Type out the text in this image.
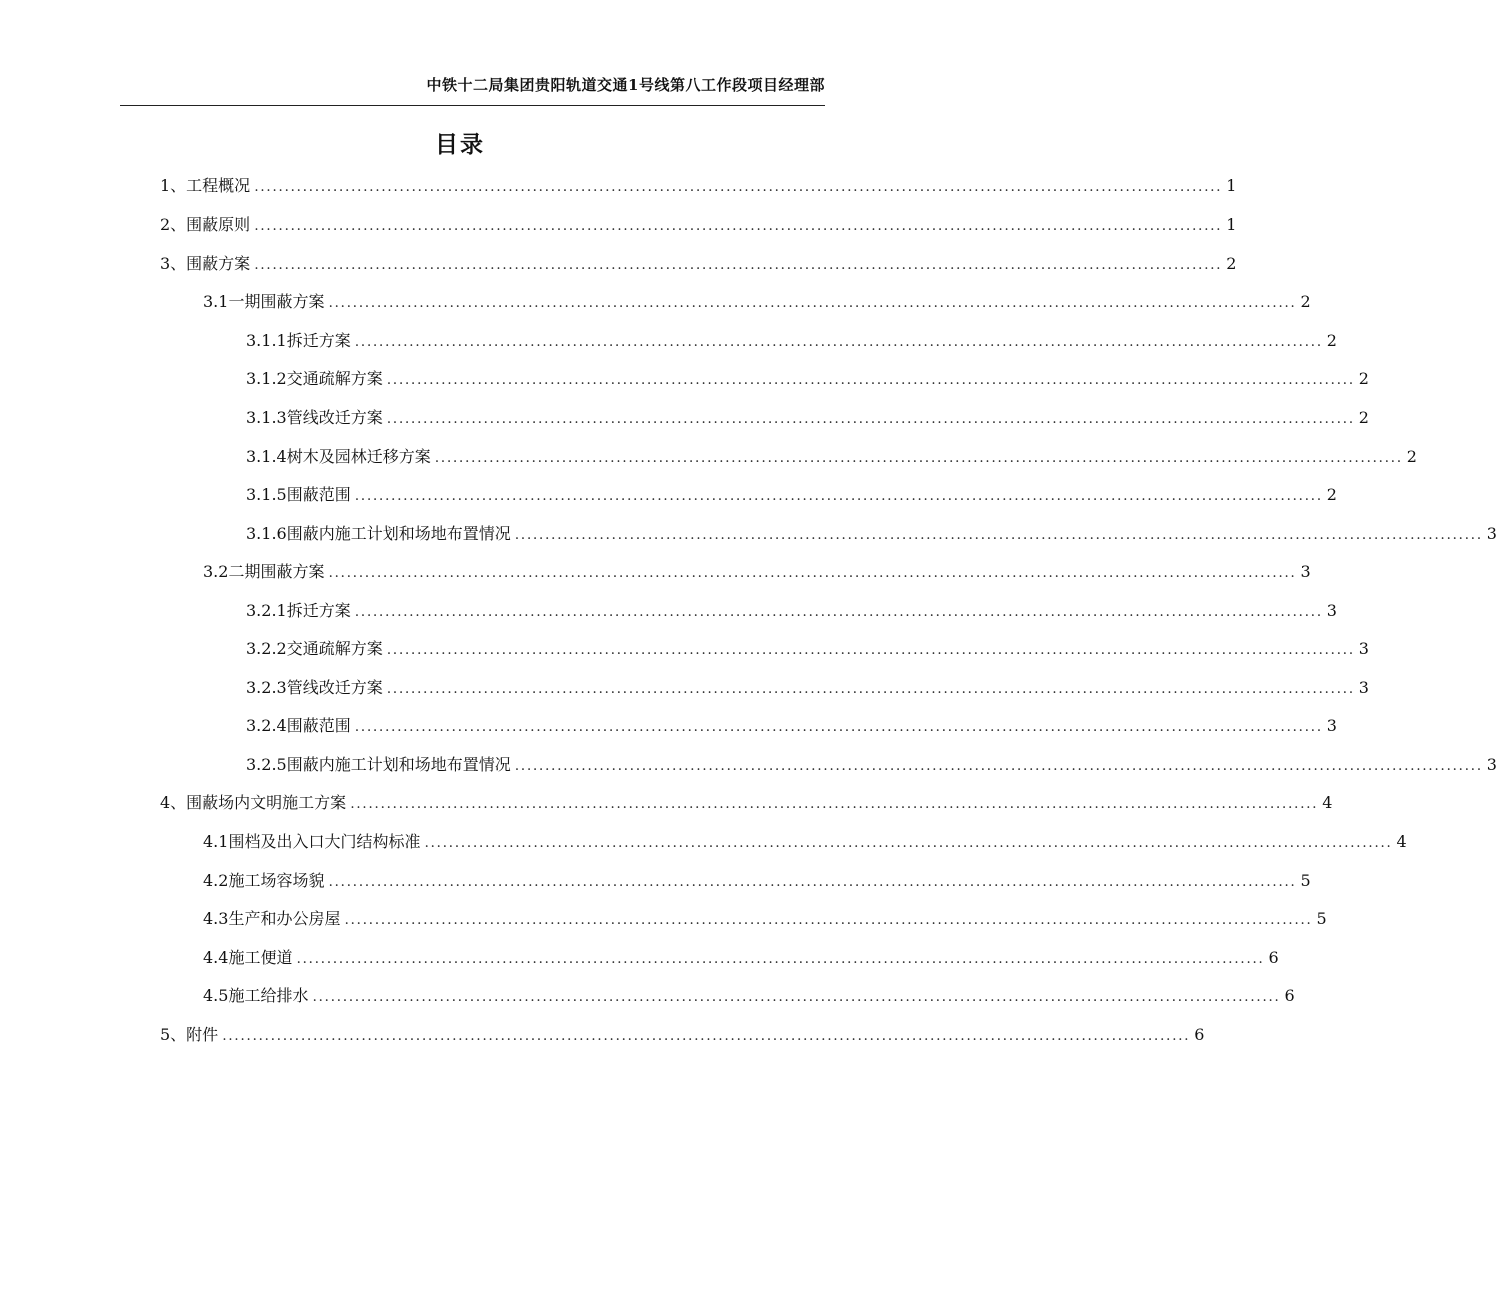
中铁十二局集团贵阳轨道交通1号线第八工作段项目经理部
目录
1、工程概况 ................................................................................................................................................................ 1
2、围蔽原则 ................................................................................................................................................................ 1
3、围蔽方案 ................................................................................................................................................................ 2
3.1一期围蔽方案 ................................................................................................................................................................ 2
3.1.1拆迁方案 ................................................................................................................................................................ 2
3.1.2交通疏解方案 ................................................................................................................................................................ 2
3.1.3管线改迁方案 ................................................................................................................................................................ 2
3.1.4树木及园林迁移方案 ................................................................................................................................................................ 2
3.1.5围蔽范围 ................................................................................................................................................................ 2
3.1.6围蔽内施工计划和场地布置情况 ................................................................................................................................................................ 3
3.2二期围蔽方案 ................................................................................................................................................................ 3
3.2.1拆迁方案 ................................................................................................................................................................ 3
3.2.2交通疏解方案 ................................................................................................................................................................ 3
3.2.3管线改迁方案 ................................................................................................................................................................ 3
3.2.4围蔽范围 ................................................................................................................................................................ 3
3.2.5围蔽内施工计划和场地布置情况 ................................................................................................................................................................ 3
4、围蔽场内文明施工方案 ................................................................................................................................................................ 4
4.1围档及出入口大门结构标准 ................................................................................................................................................................ 4
4.2施工场容场貌 ................................................................................................................................................................ 5
4.3生产和办公房屋 ................................................................................................................................................................ 5
4.4施工便道 ................................................................................................................................................................ 6
4.5施工给排水 ................................................................................................................................................................ 6
5、附件 ................................................................................................................................................................ 6
